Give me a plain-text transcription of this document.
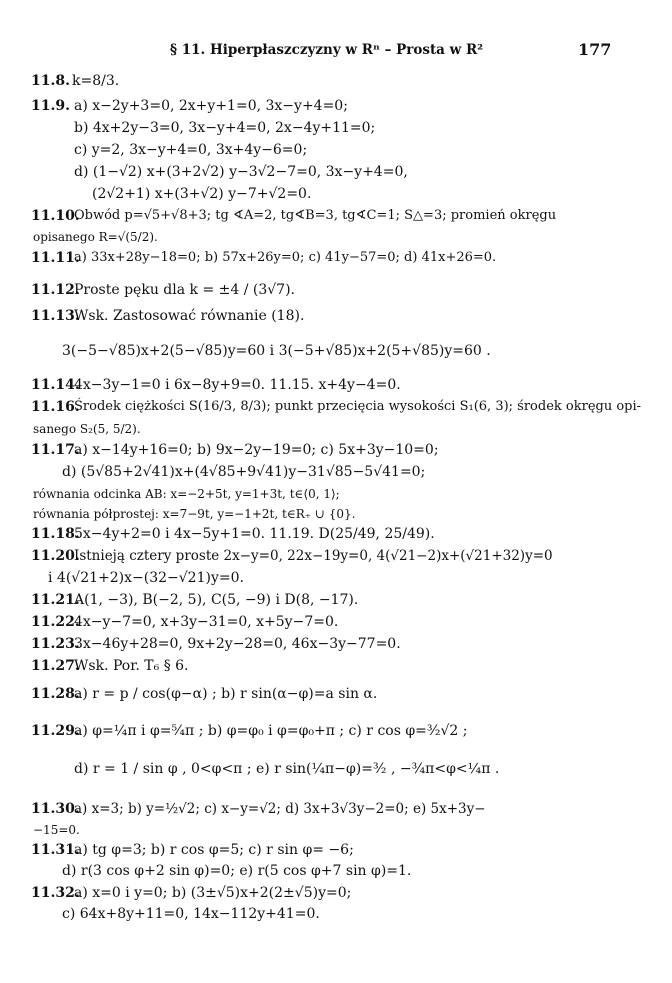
§ 11. Hiperpłaszczyzny w Rⁿ – Prosta w R²	177
11.8. k=8/3.
11.9. a) x−2y+3=0, 2x+y+1=0, 3x−y+4=0;
b) 4x+2y−3=0, 3x−y+4=0, 2x−4y+11=0;
c) y=2, 3x−y+4=0, 3x+4y−6=0;
d) (1−√2) x+(3+2√2) y−3√2−7=0, 3x−y+4=0,
(2√2+1) x+(3+√2) y−7+√2=0.
11.10.
Obwód p=√5+√8+3; tg ∢A=2, tg∢B=3, tg∢C=1; S△=3; promień okręgu
opisanego R=√(5/2).
11.11.
a) 33x+28y−18=0; b) 57x+26y=0; c) 41y−57=0; d) 41x+26=0.
11.12.
Proste pęku dla k = ±4 / (3√7).
11.13.
Wsk. Zastosować równanie (18).
3(−5−√85)x+2(5−√85)y=60 i 3(−5+√85)x+2(5+√85)y=60 .
11.14.
4x−3y−1=0 i 6x−8y+9=0. 11.15. x+4y−4=0.
11.16.
Środek ciężkości S(16/3, 8/3); punkt przecięcia wysokości S₁(6, 3); środek okręgu opi-
sanego S₂(5, 5/2).
11.17.
a) x−14y+16=0; b) 9x−2y−19=0; c) 5x+3y−10=0;
d) (5√85+2√41)x+(4√85+9√41)y−31√85−5√41=0;
równania odcinka AB: x=−2+5t, y=1+3t, t∈⟨0, 1⟩;
równania półprostej: x=7−9t, y=−1+2t, t∈R₊ ∪ {0}.
11.18.
5x−4y+2=0 i 4x−5y+1=0. 11.19. D(25/49, 25/49).
11.20.
Istnieją cztery proste 2x−y=0, 22x−19y=0, 4(√21−2)x+(√21+32)y=0
i 4(√21+2)x−(32−√21)y=0.
11.21.
A(1, −3), B(−2, 5), C(5, −9) i D(8, −17).
11.22.
4x−y−7=0, x+3y−31=0, x+5y−7=0.
11.23.
3x−46y+28=0, 9x+2y−28=0, 46x−3y−77=0.
11.27.
Wsk. Por. T₆ § 6.
11.28.
a) r = p / cos(φ−α) ; b) r sin(α−φ)=a sin α.
11.29.
a) φ=¼π i φ=⁵⁄₄π ; b) φ=φ₀ i φ=φ₀+π ; c) r cos φ=³⁄₂√2 ;
d) r = 1 / sin φ , 0<φ<π ; e) r sin(¼π−φ)=³⁄₂ , −¾π<φ<¼π .
11.30.
a) x=3; b) y=½√2; c) x−y=√2; d) 3x+3√3y−2=0; e) 5x+3y−
−15=0.
11.31.
a) tg φ=3; b) r cos φ=5; c) r sin φ= −6;
d) r(3 cos φ+2 sin φ)=0; e) r(5 cos φ+7 sin φ)=1.
11.32.
a) x=0 i y=0; b) (3±√5)x+2(2±√5)y=0;
c) 64x+8y+11=0, 14x−112y+41=0.
